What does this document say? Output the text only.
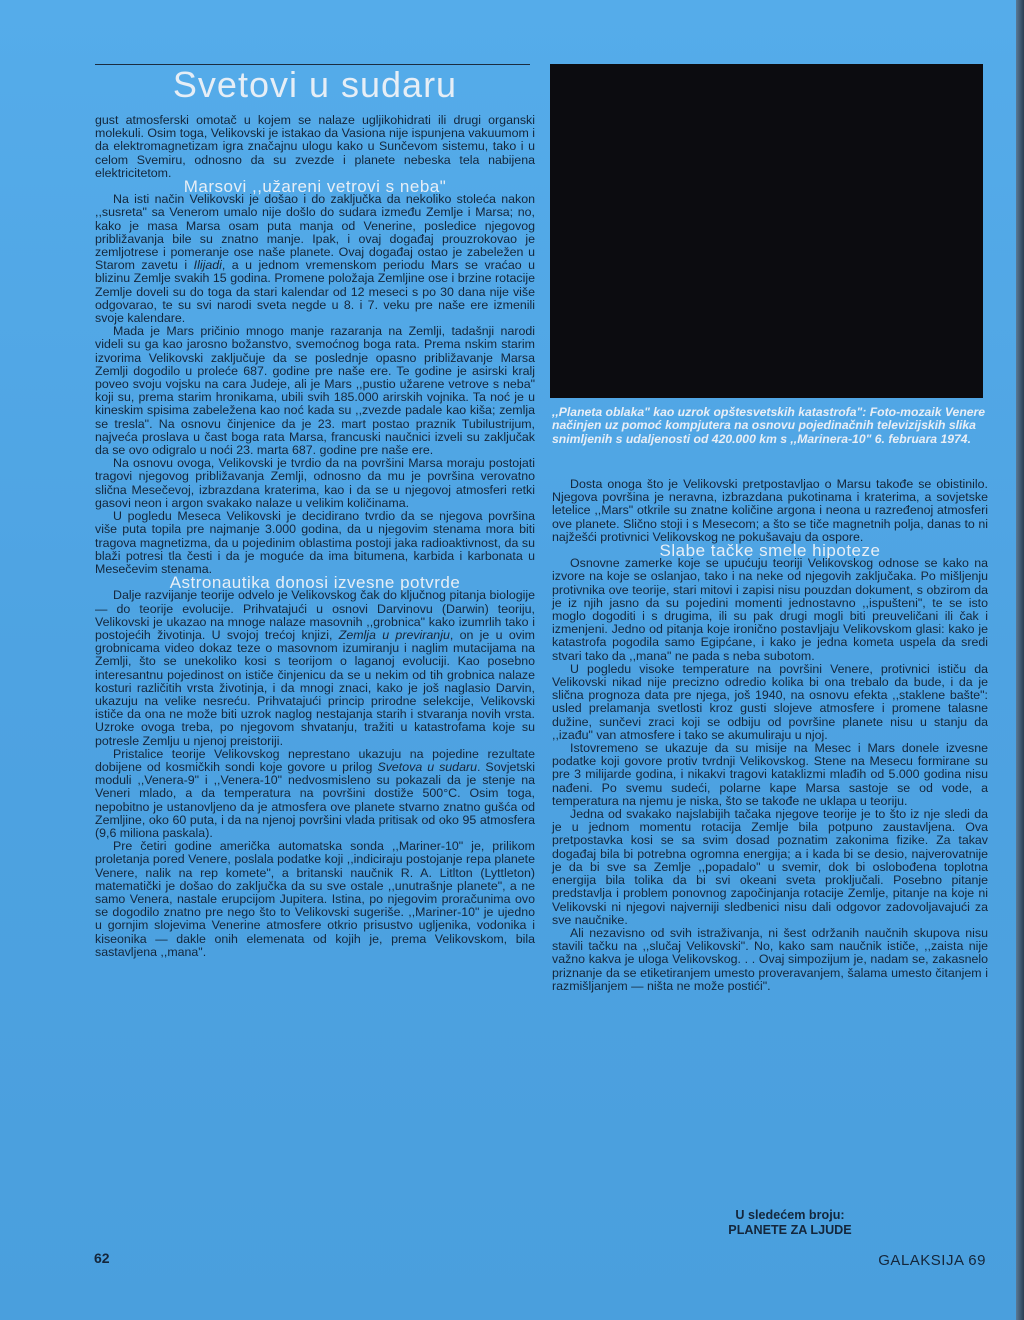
Svetovi u sudaru

gust atmosferski omotač u kojem se nalaze ugljikohidrati ili drugi organski molekuli. Osim toga, Velikovski je istakao da Vasiona nije ispunjena vakuumom i da elektromagnetizam igra značajnu ulogu kako u Sunčevom sistemu, tako i u celom Svemiru, odnosno da su zvezde i planete nebeska tela nabijena elektricitetom.

Marsovi ,,užareni vetrovi s neba"

Na isti način Velikovski je došao i do zaključka da nekoliko stoleća nakon ,,susreta" sa Venerom umalo nije došlo do sudara između Zemlje i Marsa; no, kako je masa Marsa osam puta manja od Venerine, posledice njegovog približavanja bile su znatno manje. Ipak, i ovaj događaj prouzrokovao je zemljotrese i pomeranje ose naše planete. Ovaj događaj ostao je zabeležen u Starom zavetu i Ilijadi, a u jednom vremenskom periodu Mars se vraćao u blizinu Zemlje svakih 15 godina. Promene položaja Zemljine ose i brzine rotacije Zemlje doveli su do toga da stari kalendar od 12 meseci s po 30 dana nije više odgovarao, te su svi narodi sveta negde u 8. i 7. veku pre naše ere izmenili svoje kalendare.

Mada je Mars pričinio mnogo manje razaranja na Zemlji, tadašnji narodi videli su ga kao jarosno božanstvo, svemoćnog boga rata. Prema nskim starim izvorima Velikovski zaključuje da se poslednje opasno približavanje Marsa Zemlji dogodilo u proleće 687. godine pre naše ere. Te godine je asirski kralj poveo svoju vojsku na cara Judeje, ali je Mars ,,pustio užarene vetrove s neba" koji su, prema starim hronikama, ubili svih 185.000 arirskih vojnika. Ta noć je u kineskim spisima zabeležena kao noć kada su ,,zvezde padale kao kiša; zemlja se tresla". Na osnovu činjenice da je 23. mart postao praznik Tubilustrijum, najveća proslava u čast boga rata Marsa, francuski naučnici izveli su zaključak da se ovo odigralo u noći 23. marta 687. godine pre naše ere.

Na osnovu ovoga, Velikovski je tvrdio da na površini Marsa moraju postojati tragovi njegovog približavanja Zemlji, odnosno da mu je površina verovatno slična Mesečevoj, izbrazdana kraterima, kao i da se u njegovoj atmosferi retki gasovi neon i argon svakako nalaze u velikim količinama.

U pogledu Meseca Velikovski je decidirano tvrdio da se njegova površina više puta topila pre najmanje 3.000 godina, da u njegovim stenama mora biti tragova magnetizma, da u pojedinim oblastima postoji jaka radioaktivnost, da su blaži potresi tla česti i da je moguće da ima bitumena, karbida i karbonata u Mesečevim stenama.

Astronautika donosi izvesne potvrde

Dalje razvijanje teorije odvelo je Velikovskog čak do ključnog pitanja biologije — do teorije evolucije. Prihvatajući u osnovi Darvinovu (Darwin) teoriju, Velikovski je ukazao na mnoge nalaze masovnih ,,grobnica" kako izumrlih tako i postojećih životinja. U svojoj trećoj knjizi, Zemlja u previranju, on je u ovim grobnicama video dokaz teze o masovnom izumiranju i naglim mutacijama na Zemlji, što se unekoliko kosi s teorijom o laganoj evoluciji. Kao posebno interesantnu pojedinost on ističe činjenicu da se u nekim od tih grobnica nalaze kosturi različitih vrsta životinja, i da mnogi znaci, kako je još naglasio Darvin, ukazuju na velike nesreću. Prihvatajući princip prirodne selekcije, Velikovski ističe da ona ne može biti uzrok naglog nestajanja starih i stvaranja novih vrsta. Uzroke ovoga treba, po njegovom shvatanju, tražiti u katastrofama koje su potresle Zemlju u njenoj preistoriji.

Pristalice teorije Velikovskog neprestano ukazuju na pojedine rezultate dobijene od kosmičkih sondi koje govore u prilog Svetova u sudaru. Sovjetski moduli ,,Venera-9" i ,,Venera-10" nedvosmisleno su pokazali da je stenje na Veneri mlado, a da temperatura na površini dostiže 500°C. Osim toga, nepobitno je ustanovljeno da je atmosfera ove planete stvarno znatno gušća od Zemljine, oko 60 puta, i da na njenoj površini vlada pritisak od oko 95 atmosfera (9,6 miliona paskala).

Pre četiri godine američka automatska sonda ,,Mariner-10" je, prilikom proletanja pored Venere, poslala podatke koji ,,indiciraju postojanje repa planete Venere, nalik na rep komete", a britanski naučnik R. A. Litlton (Lyttleton) matematički je došao do zaključka da su sve ostale ,,unutrašnje planete", a ne samo Venera, nastale erupcijom Jupitera. Istina, po njegovim proračunima ovo se dogodilo znatno pre nego što to Velikovski sugeriše. ,,Mariner-10" je ujedno u gornjim slojevima Venerine atmosfere otkrio prisustvo ugljenika, vodonika i kiseonika — dakle onih elemenata od kojih je, prema Velikovskom, bila sastavljena ,,mana".

,,Planeta oblaka" kao uzrok opštesvetskih katastrofa": Foto-mozaik Venere načinjen uz pomoć kompjutera na osnovu pojedinačnih televizijskih slika snimljenih s udaljenosti od 420.000 km s ,,Marinera-10" 6. februara 1974.

Dosta onoga što je Velikovski pretpostavljao o Marsu takođe se obistinilo. Njegova površina je neravna, izbrazdana pukotinama i kraterima, a sovjetske letelice ,,Mars" otkrile su znatne količine argona i neona u razređenoj atmosferi ove planete. Slično stoji i s Mesecom; a što se tiče magnetnih polja, danas to ni najžešći protivnici Velikovskog ne pokušavaju da ospore.

Slabe tačke smele hipoteze

Osnovne zamerke koje se upućuju teoriji Velikovskog odnose se kako na izvore na koje se oslanjao, tako i na neke od njegovih zaključaka. Po mišljenju protivnika ove teorije, stari mitovi i zapisi nisu pouzdan dokument, s obzirom da je iz njih jasno da su pojedini momenti jednostavno ,,ispušteni", te se isto moglo dogoditi i s drugima, ili su pak drugi mogli biti preuveličani ili čak i izmenjeni. Jedno od pitanja koje ironično postavljaju Velikovskom glasi: kako je katastrofa pogodila samo Egipćane, i kako je jedna kometa uspela da sredi stvari tako da ,,mana" ne pada s neba subotom.

U pogledu visoke temperature na površini Venere, protivnici ističu da Velikovski nikad nije precizno odredio kolika bi ona trebalo da bude, i da je slična prognoza data pre njega, još 1940, na osnovu efekta ,,staklene bašte": usled prelamanja svetlosti kroz gusti slojeve atmosfere i promene talasne dužine, sunčevi zraci koji se odbiju od površine planete nisu u stanju da ,,izađu" van atmosfere i tako se akumuliraju u njoj.

Istovremeno se ukazuje da su misije na Mesec i Mars donele izvesne podatke koji govore protiv tvrdnji Velikovskog. Stene na Mesecu formirane su pre 3 milijarde godina, i nikakvi tragovi kataklizmi mlađih od 5.000 godina nisu nađeni. Po svemu sudeći, polarne kape Marsa sastoje se od vode, a temperatura na njemu je niska, što se takođe ne uklapa u teoriju.

Jedna od svakako najslabijih tačaka njegove teorije je to što iz nje sledi da je u jednom momentu rotacija Zemlje bila potpuno zaustavljena. Ova pretpostavka kosi se sa svim dosad poznatim zakonima fizike. Za takav događaj bila bi potrebna ogromna energija; a i kada bi se desio, najverovatnije je da bi sve sa Zemlje ,,popadalo" u svemir, dok bi oslobođena toplotna energija bila tolika da bi svi okeani sveta proključali. Posebno pitanje predstavlja i problem ponovnog započinjanja rotacije Zemlje, pitanje na koje ni Velikovski ni njegovi najverniji sledbenici nisu dali odgovor zadovoljavajući za sve naučnike.

Ali nezavisno od svih istraživanja, ni šest održanih naučnih skupova nisu stavili tačku na ,,slučaj Velikovski". No, kako sam naučnik ističe, ,,zaista nije važno kakva je uloga Velikovskog. . . Ovaj simpozijum je, nadam se, zakasnelo priznanje da se etiketiranjem umesto proveravanjem, šalama umesto čitanjem i razmišljanjem — ništa ne može postići".

U sledećem broju:
PLANETE ZA LJUDE
62	GALAKSIJA 69
